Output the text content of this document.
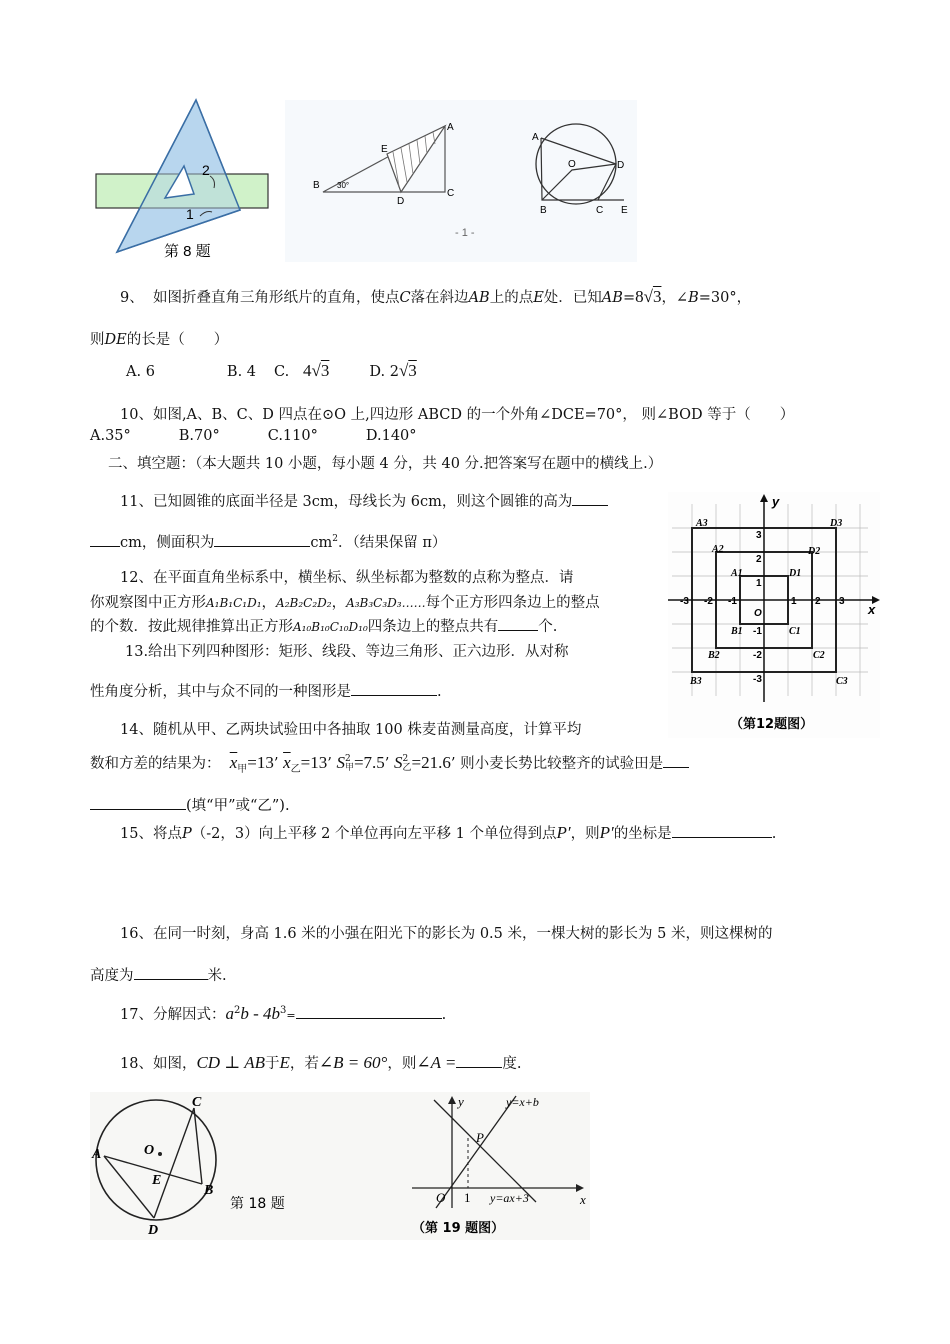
2
1
第 8 题
A
B
C
D
E
30°
- 1 -
A
B	C
D
E
O
9、 如图折叠直角三角形纸片的直角，使点C落在斜边AB上的点E处．已知AB=8√3，∠B=30°，
则DE的长是（　　）
A. 6	B. 4 C. 4√3	D. 2√3
10、如图,A、B、C、D 四点在⊙O 上,四边形 ABCD 的一个外角∠DCE=70°， 则∠BOD 等于（　　）
A.35°	B.70°	C.110°	D.140°
二、填空题：（本大题共 10 小题，每小题 4 分，共 40 分.把答案写在题中的横线上.）
x
y
-3 -2 -1	1 2 3
3
2
1
-1
-2
-3
O
A3	D3
A2	D2
A1	D1
B1	C1
B2	C2
B3	C3
（第12题图）
11、已知圆锥的底面半径是 3cm，母线长为 6cm，则这个圆锥的高为
cm，侧面积为	$cm^2$．（结果保留 π）
12、在平面直角坐标系中，横坐标、纵坐标都为整数的点称为整点．请
你观察图中正方形A₁B₁C₁D₁，A₂B₂C₂D₂，A₃B₃C₃D₃……每个正方形四条边上的整点
的个数．按此规律推算出正方形A₁₀B₁₀C₁₀D₁₀四条边上的整点共有	个.
13.给出下列四种图形：矩形、线段、等边三角形、正六边形．从对称
性角度分析，其中与众不同的一种图形是	.
14、随机从甲、乙两块试验田中各抽取 100 株麦苗测量高度，计算平均
数和方差的结果为： $\overline{x}_甲=13$’ $\overline{x}_乙=13$’ S 2
甲 =7.5’ S 2
乙 =21.6’ 则小麦长势比较整齐的试验田是
(填“甲”或“乙”).
15、将点P（-2，3）向上平移 2 个单位再向左平移 1 个单位得到点P′，则P′的坐标是	.
16、在同一时刻，身高 1.6 米的小强在阳光下的影长为 0.5 米，一棵大树的影长为 5 米，则这棵树的
高度为	米.
17、分解因式：$a^2b - 4b^3=$	.
18、如图，CD ⊥ AB于E，若∠B = 60°，则∠A =	度.
A
B
C
D
E
O
第 18 题	x
y
P
O 1
y=x+b
y=ax+3
（第 19 题图）
